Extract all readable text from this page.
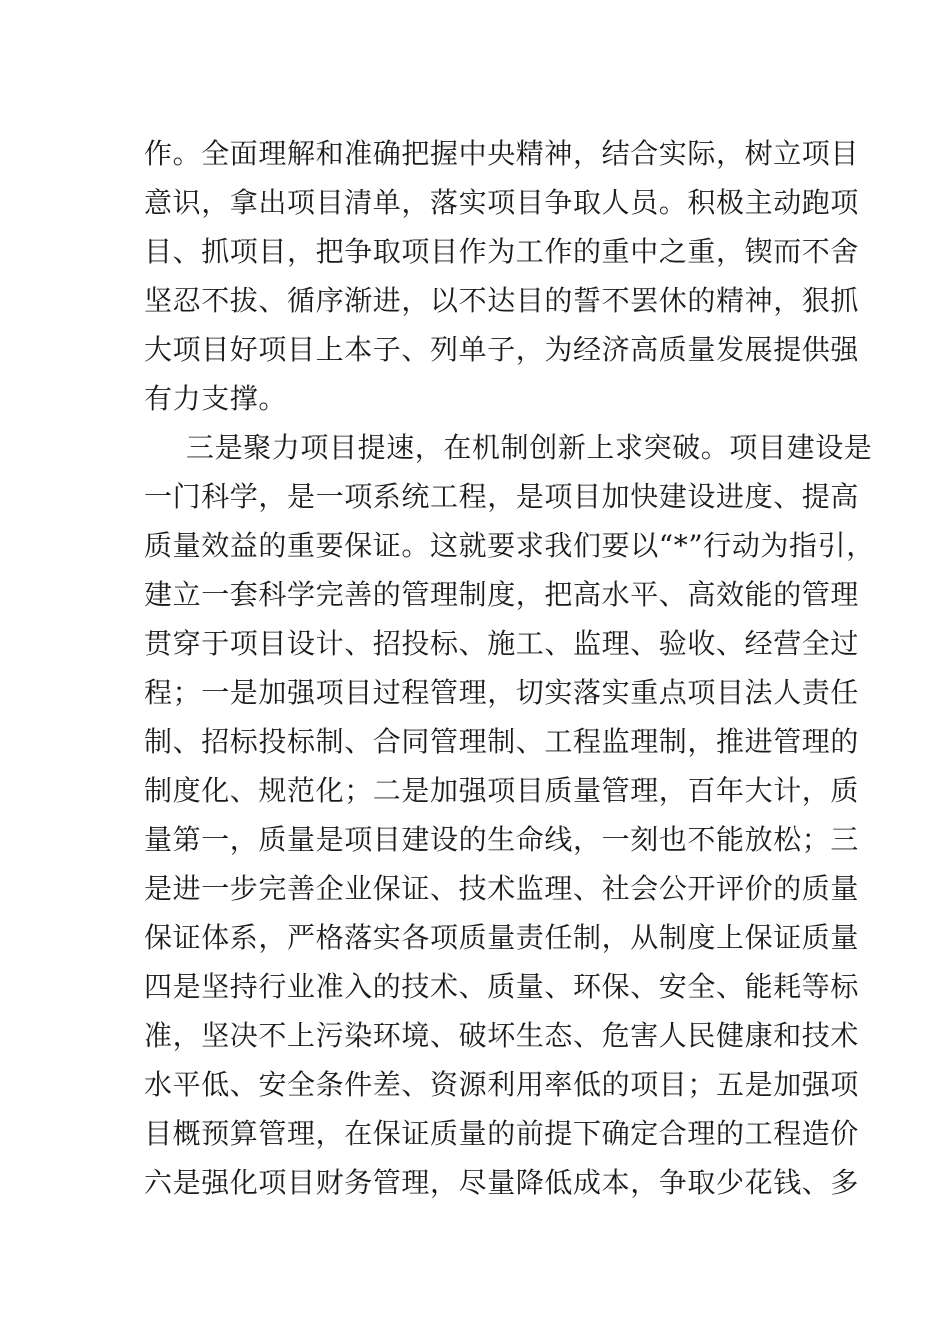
作。全面理解和准确把握中央精神，结合实际，树立项目
意识，拿出项目清单，落实项目争取人员。积极主动跑项
目、抓项目，把争取项目作为工作的重中之重，锲而不舍
坚忍不拔、循序渐进，以不达目的誓不罢休的精神，狠抓
大项目好项目上本子、列单子，为经济高质量发展提供强
有力支撑。
三是聚力项目提速，在机制创新上求突破。项目建设是
一门科学，是一项系统工程，是项目加快建设进度、提高
质量效益的重要保证。这就要求我们要以“*”行动为指引，
建立一套科学完善的管理制度，把高水平、高效能的管理
贯穿于项目设计、招投标、施工、监理、验收、经营全过
程；一是加强项目过程管理，切实落实重点项目法人责任
制、招标投标制、合同管理制、工程监理制，推进管理的
制度化、规范化；二是加强项目质量管理，百年大计，质
量第一，质量是项目建设的生命线，一刻也不能放松；三
是进一步完善企业保证、技术监理、社会公开评价的质量
保证体系，严格落实各项质量责任制，从制度上保证质量
四是坚持行业准入的技术、质量、环保、安全、能耗等标
准，坚决不上污染环境、破坏生态、危害人民健康和技术
水平低、安全条件差、资源利用率低的项目；五是加强项
目概预算管理，在保证质量的前提下确定合理的工程造价
六是强化项目财务管理，尽量降低成本，争取少花钱、多
